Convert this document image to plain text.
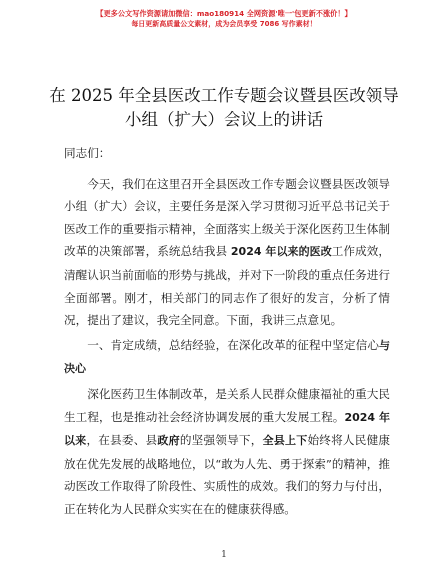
【更多公文写作资源请加微信：mao180914 全网资源'唯一'包更新不涨价！】
每日更新高质量公文素材，成为会员享受 7086 写作素材！
在 2025 年全县医改工作专题会议暨县医改领导
小组（扩大）会议上的讲话

同志们：

今天，我们在这里召开全县医改工作专题会议暨县医改领导小组（扩大）会议，主要任务是深入学习贯彻习近平总书记关于医改工作的重要指示精神，全面落实上级关于深化医药卫生体制改革的决策部署，系统总结我县 2024 年以来的医改工作成效，清醒认识当前面临的形势与挑战，并对下一阶段的重点任务进行全面部署。刚才，相关部门的同志作了很好的发言，分析了情况，提出了建议，我完全同意。下面，我讲三点意见。

一、肯定成绩，总结经验，在深化改革的征程中坚定信心与决心

深化医药卫生体制改革，是关系人民群众健康福祉的重大民生工程，也是推动社会经济协调发展的重大发展工程。2024 年以来，在县委、县政府的坚强领导下，全县上下始终将人民健康放在优先发展的战略地位，以“敢为人先、勇于探索”的精神，推动医改工作取得了阶段性、实质性的成效。我们的努力与付出，正在转化为人民群众实实在在的健康获得感。

1
